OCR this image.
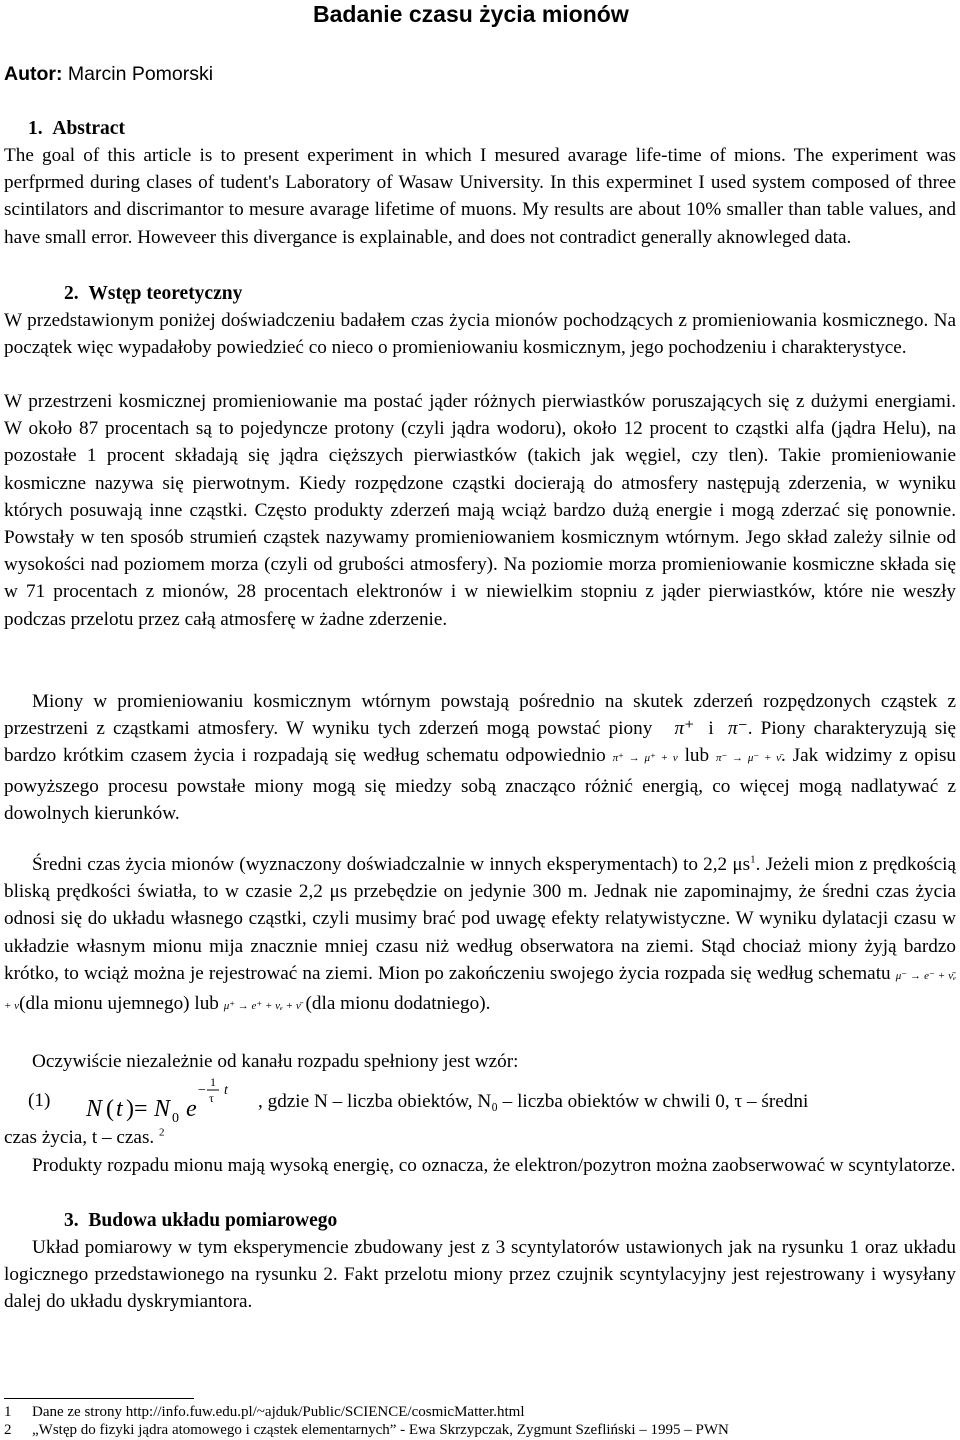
Badanie czasu życia mionów
Autor: Marcin Pomorski
1.  Abstract
The goal of this article is to present experiment in which I mesured avarage life-time of mions. The experiment was perfprmed during clases of tudent's Laboratory of Wasaw University. In this experminet I used system composed of three scintilators and discrimantor to mesure avarage lifetime of muons. My results are about 10% smaller than table values, and have small error. Howeveer this divergance is explainable, and does not contradict generally aknowleged data.
2.  Wstęp teoretyczny
W przedstawionym poniżej doświadczeniu badałem czas życia mionów pochodzących z promieniowania kosmicznego. Na początek więc wypadałoby powiedzieć co nieco o promieniowaniu kosmicznym, jego pochodzeniu i charakterystyce.
W przestrzeni kosmicznej promieniowanie ma postać jąder różnych pierwiastków poruszających się z dużymi energiami. W około 87 procentach są to pojedyncze protony (czyli jądra wodoru), około 12 procent to cząstki alfa (jądra Helu), na pozostałe 1 procent składają się jądra cięższych pierwiastków (takich jak węgiel, czy tlen). Takie promieniowanie kosmiczne nazywa się pierwotnym. Kiedy rozpędzone cząstki docierają do atmosfery następują zderzenia, w wyniku których posuwają inne cząstki. Często produkty zderzeń mają wciąż bardzo dużą energie i mogą zderzać się ponownie. Powstały w ten sposób strumień cząstek nazywamy promieniowaniem kosmicznym wtórnym. Jego skład zależy silnie od wysokości nad poziomem morza (czyli od grubości atmosfery). Na poziomie morza promieniowanie kosmiczne składa się w 71 procentach z mionów, 28 procentach elektronów i w niewielkim stopniu z jąder pierwiastków, które nie weszły podczas przelotu przez całą atmosferę w żadne zderzenie.
Miony w promieniowaniu kosmicznym wtórnym powstają pośrednio na skutek zderzeń rozpędzonych cząstek z przestrzeni z cząstkami atmosfery. W wyniku tych zderzeń mogą powstać piony π⁺ i π⁻. Piony charakteryzują się bardzo krótkim czasem życia i rozpadają się według schematu odpowiednio π⁺ → μ⁺ + ν lub π⁻ → μ⁻ + ν̄. Jak widzimy z opisu powyższego procesu powstałe miony mogą się miedzy sobą znacząco różnić energią, co więcej mogą nadlatywać z dowolnych kierunków.
Średni czas życia mionów (wyznaczony doświadczalnie w innych eksperymentach) to 2,2 $\mu s^1$. Jeżeli mion z prędkością bliską prędkości światła, to w czasie 2,2 μs przebędzie on jedynie 300 m. Jednak nie zapominajmy, że średni czas życia odnosi się do układu własnego cząstki, czyli musimy brać pod uwagę efekty relatywistyczne. W wyniku dylatacji czasu w układzie własnym mionu mija znacznie mniej czasu niż według obserwatora na ziemi. Stąd chociaż miony żyją bardzo krótko, to wciąż można je rejestrować na ziemi. Mion po zakończeniu swojego życia rozpada się według schematu μ⁻ → e⁻ + ν̄ₑ + ν(dla mionu ujemnego) lub μ⁺ → e⁺ + νₑ + ν̄ (dla mionu dodatniego).
Oczywiście niezależnie od kanału rozpadu spełniony jest wzór:
(1) N ( t )= N 0 e
−
1
τ t
, gdzie N – liczba obiektów, N₀ – liczba obiektów w chwili 0, τ – średni
czas życia, t – czas. $^2$
Produkty rozpadu mionu mają wysoką energię, co oznacza, że elektron/pozytron można zaobserwować w scyntylatorze.
3.  Budowa układu pomiarowego
Układ pomiarowy w tym eksperymencie zbudowany jest z 3 scyntylatorów ustawionych jak na rysunku 1 oraz układu logicznego przedstawionego na rysunku 2. Fakt przelotu miony przez czujnik scyntylacyjny jest rejestrowany i wysyłany dalej do układu dyskrymiantora.
1 Dane ze strony http://info.fuw.edu.pl/~ajduk/Public/SCIENCE/cosmicMatter.html
2 „Wstęp do fizyki jądra atomowego i cząstek elementarnych” - Ewa Skrzypczak, Zygmunt Szefliński – 1995 – PWN
